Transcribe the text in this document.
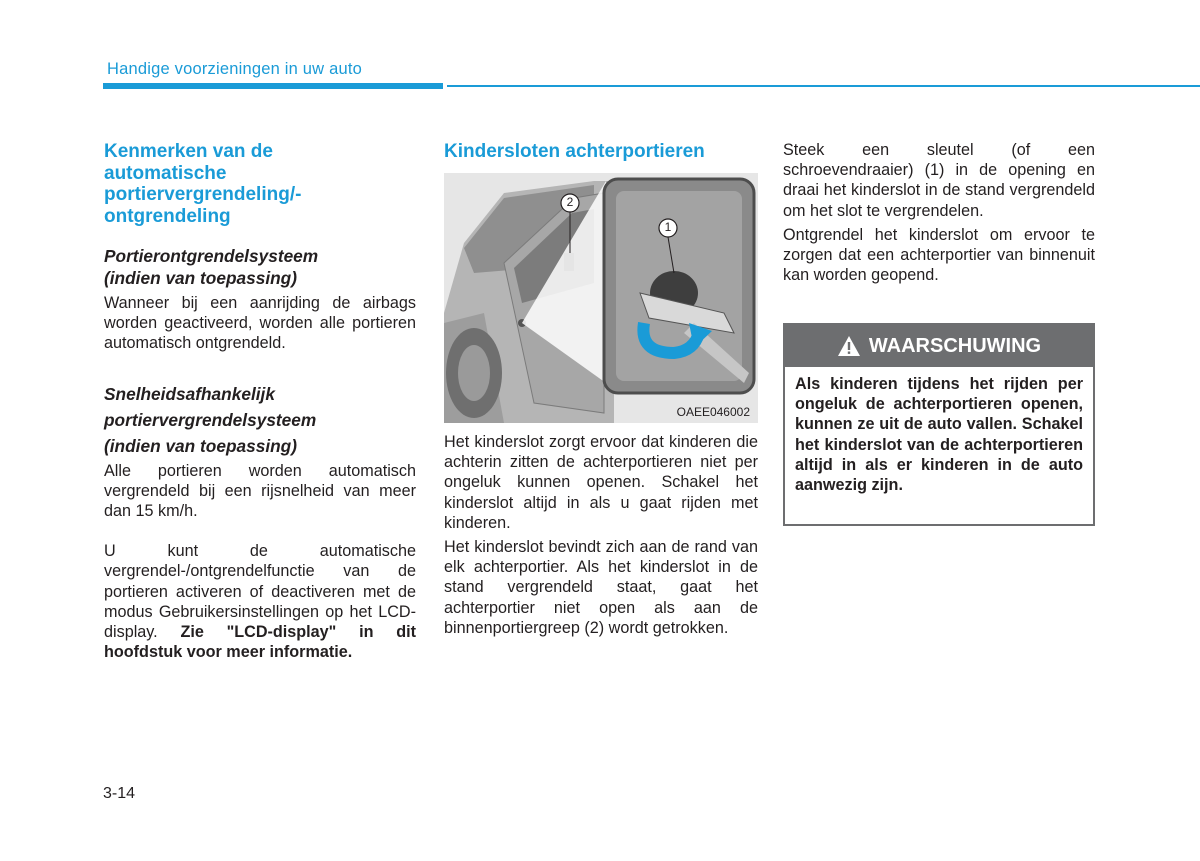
Handige voorzieningen in uw auto

Kenmerken van de automatische portiervergrendeling/-ontgrendeling

Portierontgrendelsysteem (indien van toepassing)

Wanneer bij een aanrijding de airbags worden geactiveerd, worden alle portieren automatisch ontgrendeld.

Snelheidsafhankelijk

portiervergrendelsysteem

(indien van toepassing)

Alle portieren worden automatisch vergrendeld bij een rijsnelheid van meer dan 15 km/h.

U kunt de automatische vergrendel-/ontgrendelfunctie van de portieren activeren of deactiveren met de modus Gebruikersinstellingen op het LCD-display. Zie "LCD-display" in dit hoofdstuk voor meer informatie.

Kindersloten achterportieren

1
2
OAEE046002

Het kinderslot zorgt ervoor dat kinderen die achterin zitten de achterportieren niet per ongeluk kunnen openen. Schakel het kinderslot altijd in als u gaat rijden met kinderen.

Het kinderslot bevindt zich aan de rand van elk achterportier. Als het kinderslot in de stand vergrendeld staat, gaat het achterportier niet open als aan de binnenportiergreep (2) wordt getrokken.

Steek een sleutel (of een schroevendraaier) (1) in de opening en draai het kinderslot in de stand vergrendeld om het slot te vergrendelen.

Ontgrendel het kinderslot om ervoor te zorgen dat een achterportier van binnenuit kan worden geopend.

WAARSCHUWING
Als kinderen tijdens het rijden per ongeluk de achterportieren openen, kunnen ze uit de auto vallen. Schakel het kinderslot van de achterportieren altijd in als er kinderen in de auto aanwezig zijn.
3-14
